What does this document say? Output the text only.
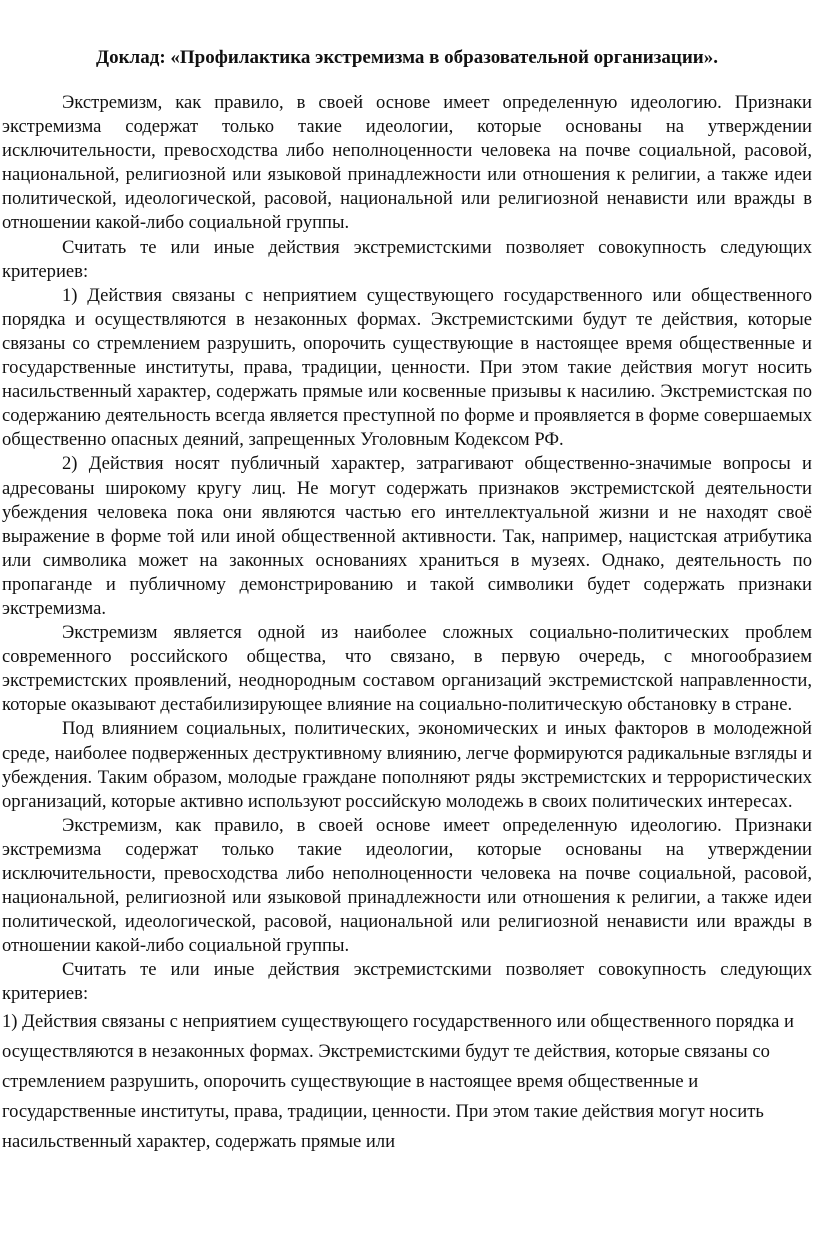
Доклад: «Профилактика экстремизма в образовательной организации».

Экстремизм, как правило, в своей основе имеет определенную идеологию. Признаки экстремизма содержат только такие идеологии, которые основаны на утверждении исключительности, превосходства либо неполноценности человека на почве социальной, расовой, национальной, религиозной или языковой принадлежности или отношения к религии, а также идеи политической, идеологической, расовой, национальной или религиозной ненависти или вражды в отношении какой-либо социальной группы.

Считать те или иные действия экстремистскими позволяет совокупность следующих критериев:

1) Действия связаны с неприятием существующего государственного или общественного порядка и осуществляются в незаконных формах. Экстремистскими будут те действия, которые связаны со стремлением разрушить, опорочить существующие в настоящее время общественные и государственные институты, права, традиции, ценности. При этом такие действия могут носить насильственный характер, содержать прямые или косвенные призывы к насилию. Экстремистская по содержанию деятельность всегда является преступной по форме и проявляется в форме совершаемых общественно опасных деяний, запрещенных Уголовным Кодексом РФ.

2) Действия носят публичный характер, затрагивают общественно-значимые вопросы и адресованы широкому кругу лиц. Не могут содержать признаков экстремистской деятельности убеждения человека пока они являются частью его интеллектуальной жизни и не находят своё выражение в форме той или иной общественной активности. Так, например, нацистская атрибутика или символика может на законных основаниях храниться в музеях. Однако, деятельность по пропаганде и публичному демонстрированию и такой символики будет содержать признаки экстремизма.

Экстремизм является одной из наиболее сложных социально-политических проблем современного российского общества, что связано, в первую очередь, с многообразием экстремистских проявлений, неоднородным составом организаций экстремистской направленности, которые оказывают дестабилизирующее влияние на социально-политическую обстановку в стране.

Под влиянием социальных, политических, экономических и иных факторов в молодежной среде, наиболее подверженных деструктивному влиянию, легче формируются радикальные взгляды и убеждения. Таким образом, молодые граждане пополняют ряды экстремистских и террористических организаций, которые активно используют российскую молодежь в своих политических интересах.

Экстремизм, как правило, в своей основе имеет определенную идеологию. Признаки экстремизма содержат только такие идеологии, которые основаны на утверждении исключительности, превосходства либо неполноценности человека на почве социальной, расовой, национальной, религиозной или языковой принадлежности или отношения к религии, а также идеи политической, идеологической, расовой, национальной или религиозной ненависти или вражды в отношении какой-либо социальной группы.

Считать те или иные действия экстремистскими позволяет совокупность следующих критериев:

1) Действия связаны с неприятием существующего государственного или общественного порядка и осуществляются в незаконных формах. Экстремистскими будут те действия, которые связаны со стремлением разрушить, опорочить существующие в настоящее время общественные и государственные институты, права, традиции, ценности. При этом такие действия могут носить насильственный характер, содержать прямые или
